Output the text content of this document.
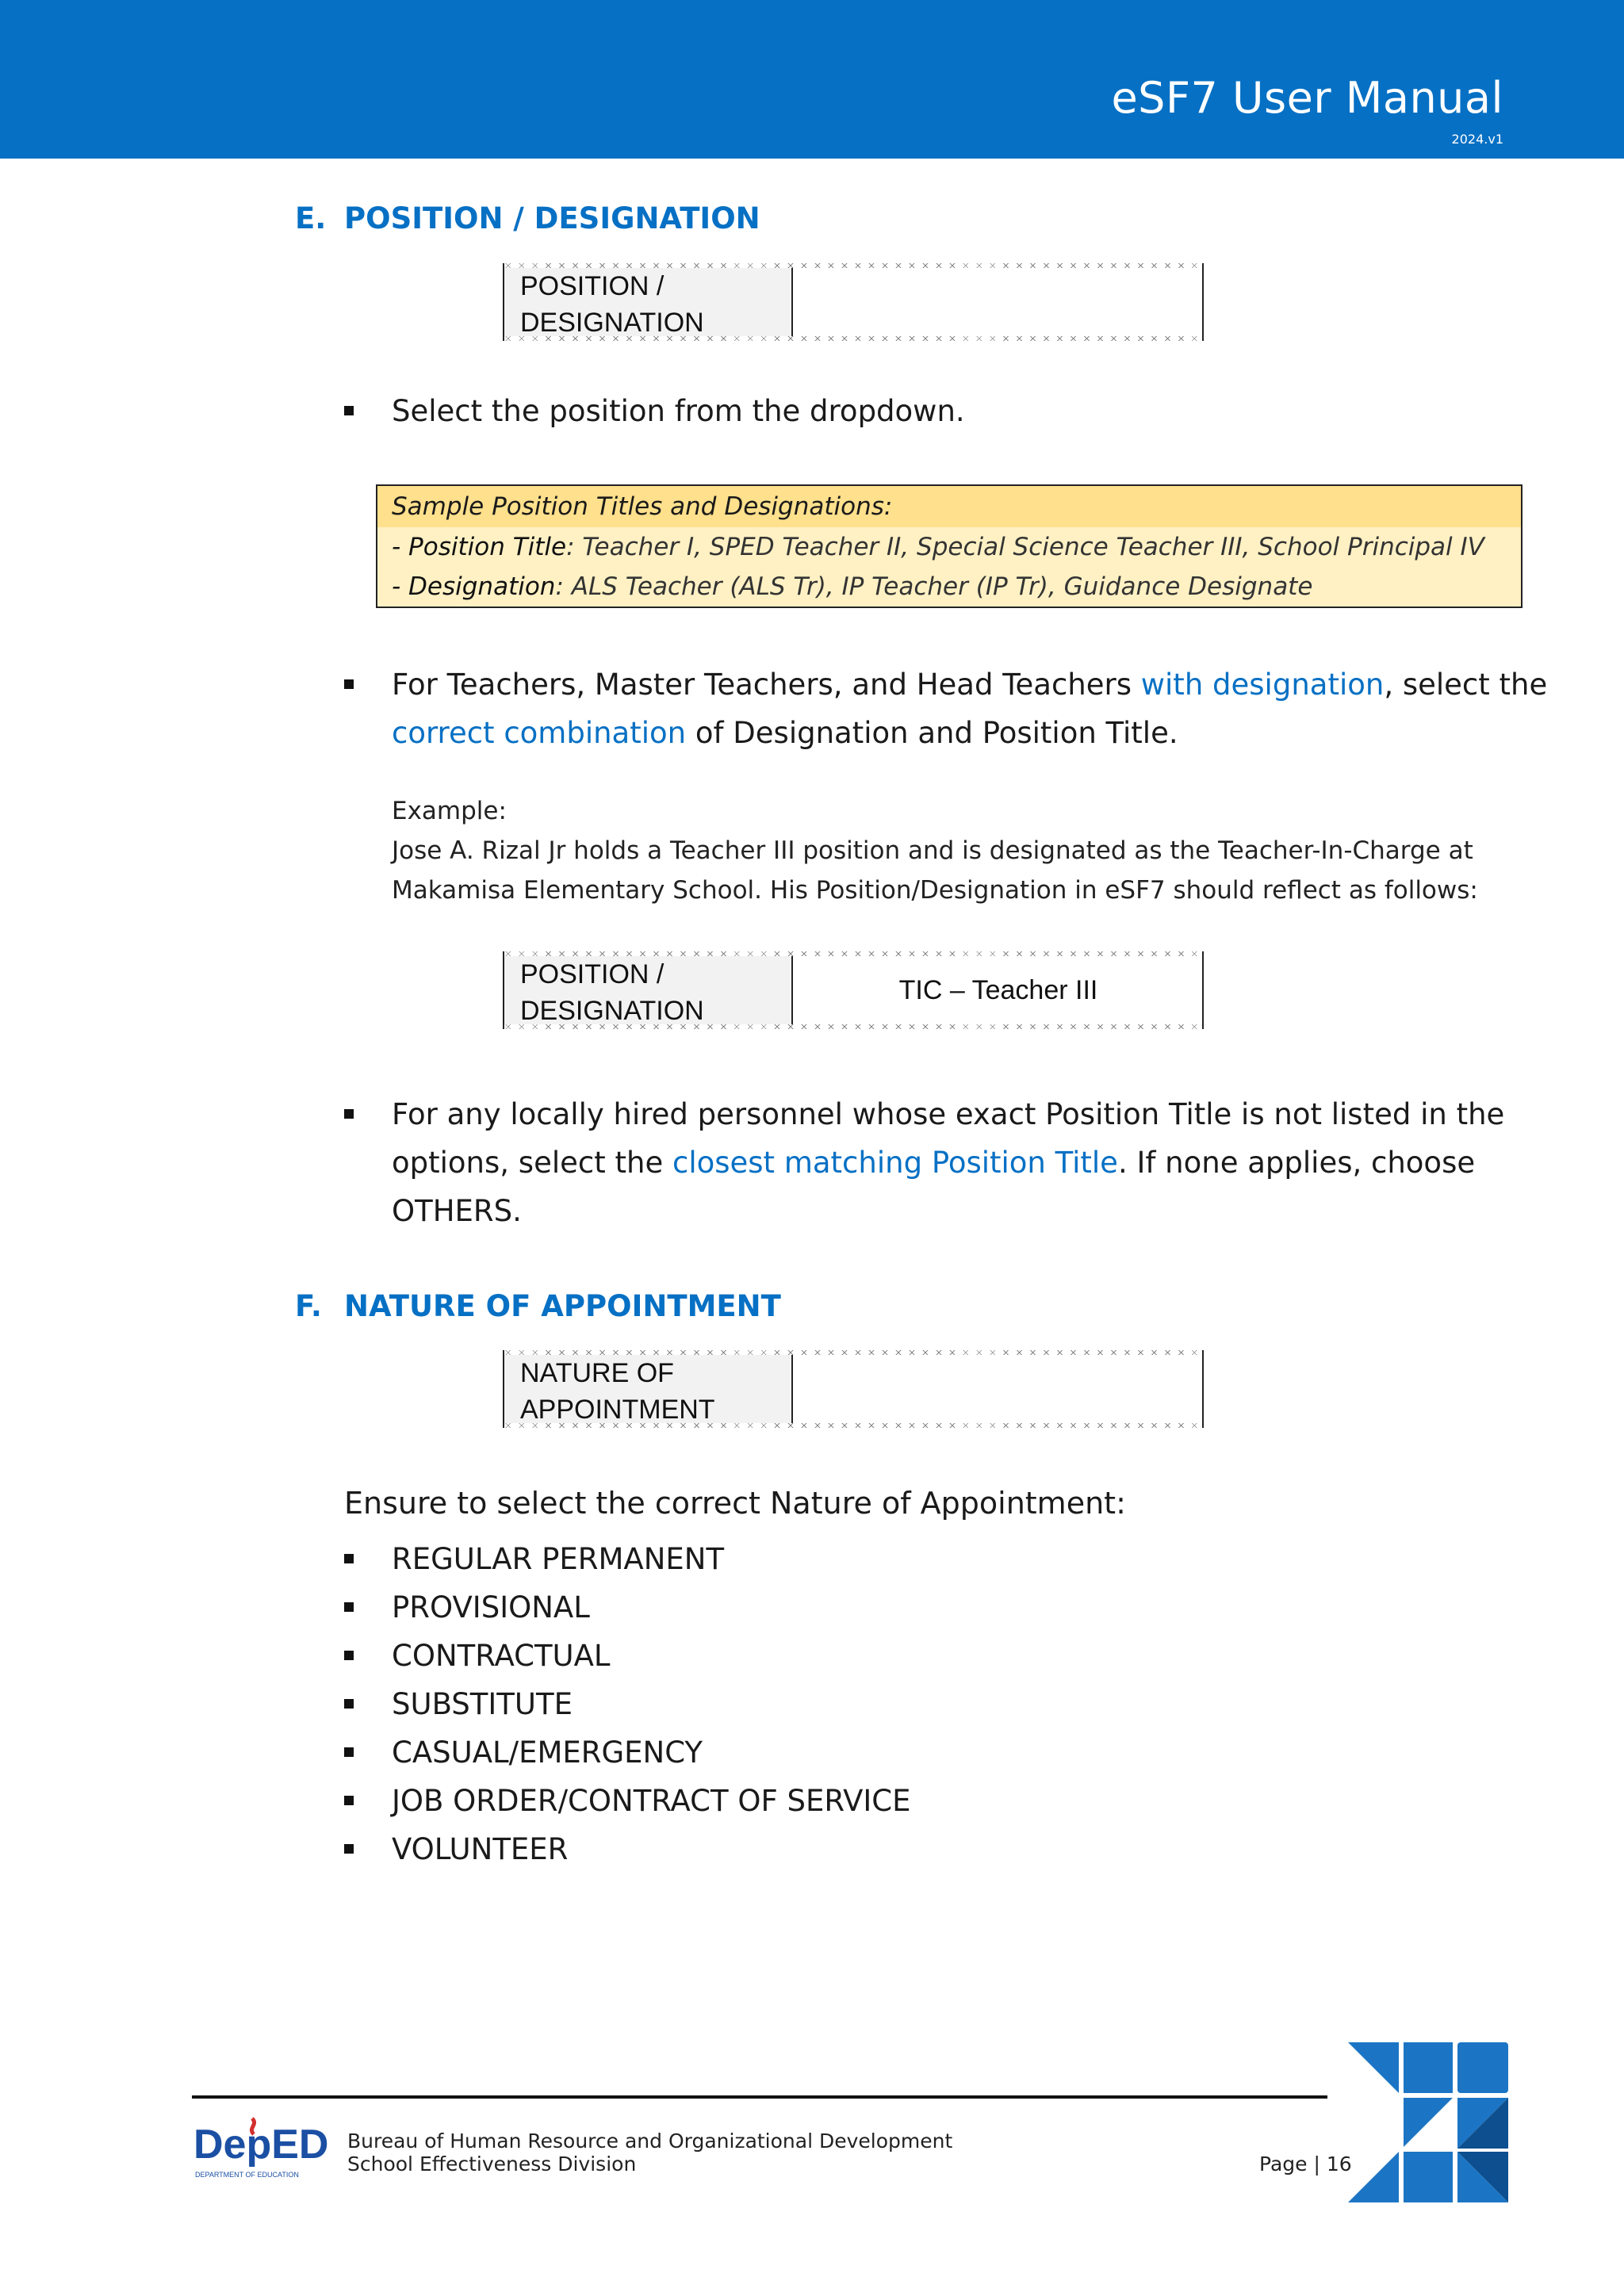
eSF7 User Manual
2024.v1
E. POSITION / DESIGNATION
POSITION /
DESIGNATION
Select the position from the dropdown.
Sample Position Titles and Designations:
- Position Title: Teacher I, SPED Teacher II, Special Science Teacher III, School Principal IV
- Designation: ALS Teacher (ALS Tr), IP Teacher (IP Tr), Guidance Designate
For Teachers, Master Teachers, and Head Teachers with designation, select the correct combination of Designation and Position Title.
Example:
Jose A. Rizal Jr holds a Teacher III position and is designated as the Teacher-In-Charge at Makamisa Elementary School. His Position/Designation in eSF7 should reflect as follows:
POSITION /
DESIGNATION
TIC – Teacher III
For any locally hired personnel whose exact Position Title is not listed in the options, select the closest matching Position Title. If none applies, choose OTHERS.
F. NATURE OF APPOINTMENT
NATURE OF
APPOINTMENT
Ensure to select the correct Nature of Appointment:
REGULAR PERMANENT
PROVISIONAL
CONTRACTUAL
SUBSTITUTE
CASUAL/EMERGENCY
JOB ORDER/CONTRACT OF SERVICE
VOLUNTEER
DepED
DEPARTMENT OF EDUCATION
Bureau of Human Resource and Organizational Development
School Effectiveness Division	Page | 16
